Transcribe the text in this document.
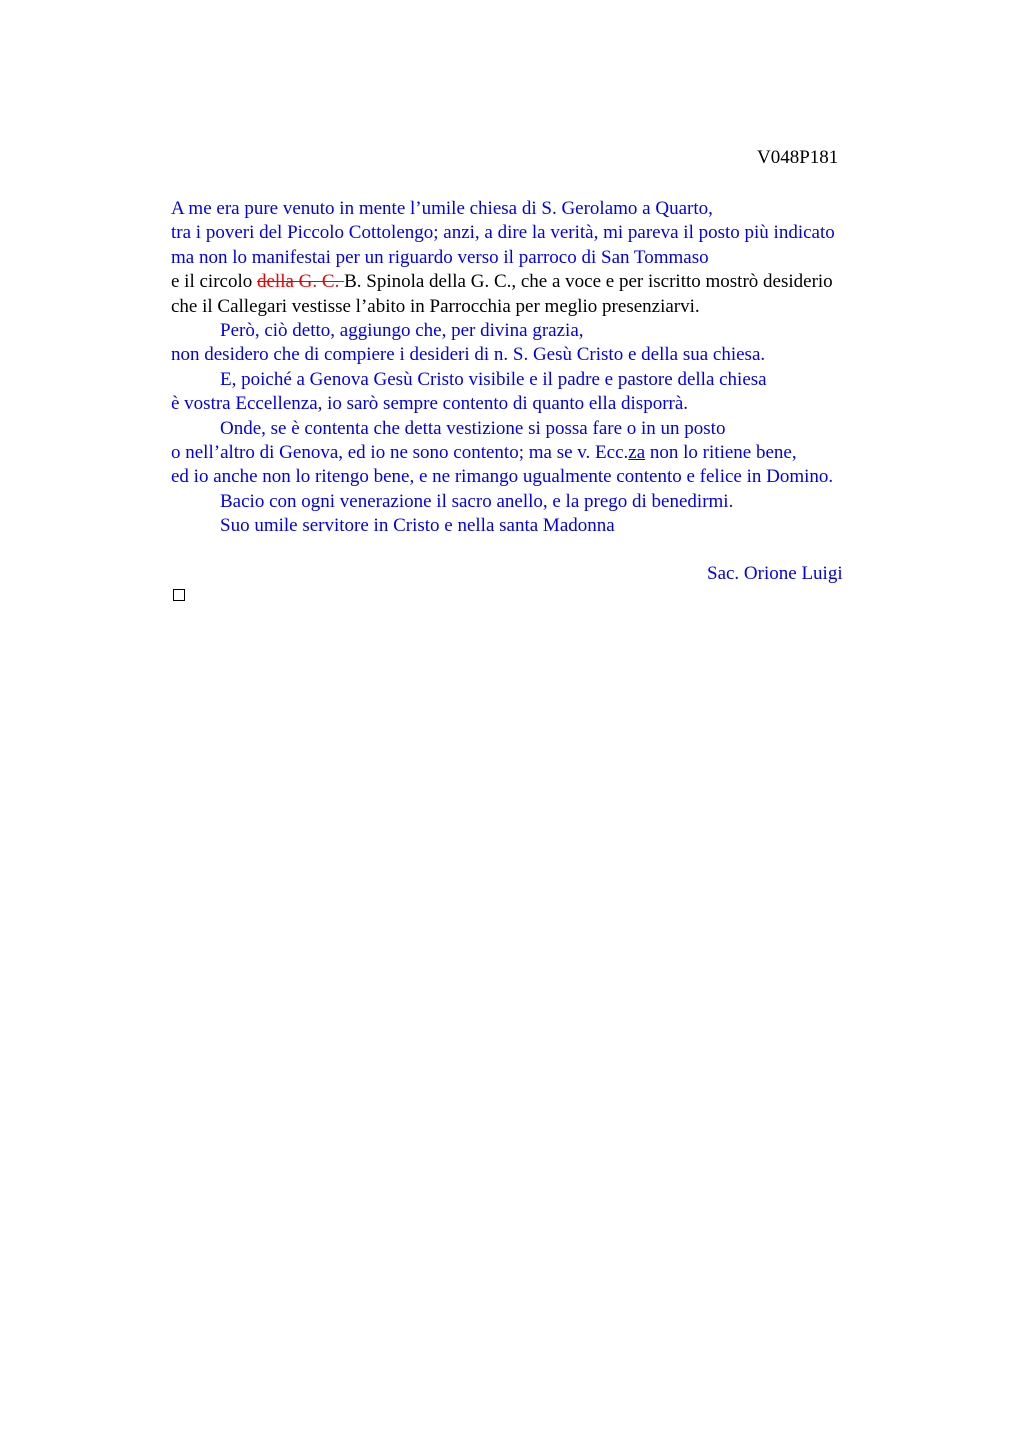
V048P181
A me era pure venuto in mente l’umile chiesa di S. Gerolamo a Quarto,
tra i poveri del Piccolo Cottolengo; anzi, a dire la verità, mi pareva il posto più indicato
ma non lo manifestai per un riguardo verso il parroco di San Tommaso
e il circolo della G. C. B. Spinola della G. C., che a voce e per iscritto mostrò desiderio
che il Callegari vestisse l’abito in Parrocchia per meglio presenziarvi.
Però, ciò detto, aggiungo che, per divina grazia,
non desidero che di compiere i desideri di n. S. Gesù Cristo e della sua chiesa.
E, poiché a Genova Gesù Cristo visibile e il padre e pastore della chiesa
è vostra Eccellenza, io sarò sempre contento di quanto ella disporrà.
Onde, se è contenta che detta vestizione si possa fare o in un posto
o nell’altro di Genova, ed io ne sono contento; ma se v. Ecc.za non lo ritiene bene,
ed io anche non lo ritengo bene, e ne rimango ugualmente contento e felice in Domino.
Bacio con ogni venerazione il sacro anello, e la prego di benedirmi.
Suo umile servitore in Cristo e nella santa Madonna
Sac. Orione Luigi
